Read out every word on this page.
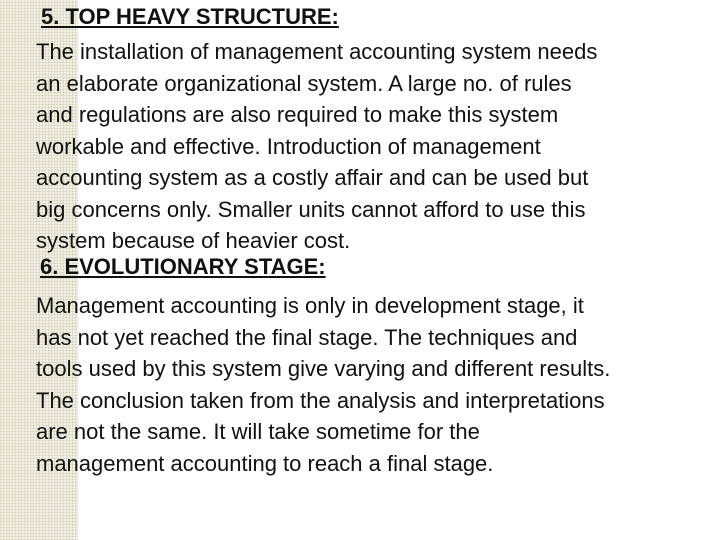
5. TOP HEAVY STRUCTURE:

The installation of management accounting system needs
an elaborate organizational system. A large no. of rules
and regulations are also required to make this system
workable and effective. Introduction of management
accounting system as a costly affair and can be used but
big concerns only. Smaller units cannot afford to use this
system because of heavier cost.

6. EVOLUTIONARY STAGE:

Management accounting is only in development stage, it
has not yet reached the final stage. The techniques and
tools used by this system give varying and different results.
The conclusion taken from the analysis and interpretations
are not the same. It will take sometime for the
management accounting to reach a final stage.
